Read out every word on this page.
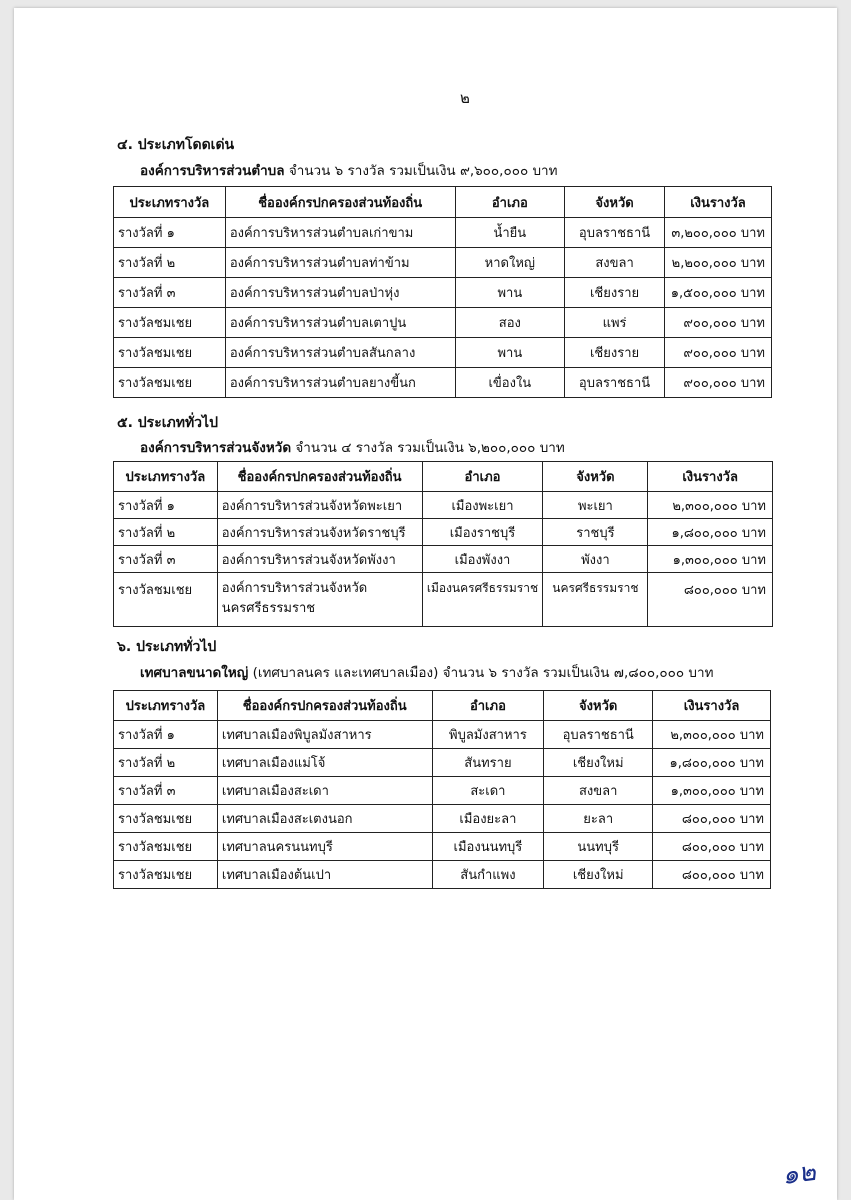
๒
๔. ประเภทโดดเด่น
องค์การบริหารส่วนตำบล จำนวน ๖ รางวัล รวมเป็นเงิน ๙,๖๐๐,๐๐๐ บาท
ประเภทรางวัล	ชื่อองค์กรปกครองส่วนท้องถิ่น	อำเภอ	จังหวัด	เงินรางวัล
รางวัลที่ ๑	องค์การบริหารส่วนตำบลเก่าขาม	น้ำยืน	อุบลราชธานี	๓,๒๐๐,๐๐๐ บาท
รางวัลที่ ๒	องค์การบริหารส่วนตำบลท่าข้าม	หาดใหญ่	สงขลา	๒,๒๐๐,๐๐๐ บาท
รางวัลที่ ๓	องค์การบริหารส่วนตำบลป่าหุ่ง	พาน	เชียงราย	๑,๕๐๐,๐๐๐ บาท
รางวัลชมเชย	องค์การบริหารส่วนตำบลเตาปูน	สอง	แพร่	๙๐๐,๐๐๐ บาท
รางวัลชมเชย	องค์การบริหารส่วนตำบลสันกลาง	พาน	เชียงราย	๙๐๐,๐๐๐ บาท
รางวัลชมเชย	องค์การบริหารส่วนตำบลยางขี้นก	เขื่องใน	อุบลราชธานี	๙๐๐,๐๐๐ บาท
๕. ประเภททั่วไป
องค์การบริหารส่วนจังหวัด จำนวน ๔ รางวัล รวมเป็นเงิน ๖,๒๐๐,๐๐๐ บาท
ประเภทรางวัล	ชื่อองค์กรปกครองส่วนท้องถิ่น	อำเภอ	จังหวัด	เงินรางวัล
รางวัลที่ ๑	องค์การบริหารส่วนจังหวัดพะเยา	เมืองพะเยา	พะเยา	๒,๓๐๐,๐๐๐ บาท
รางวัลที่ ๒	องค์การบริหารส่วนจังหวัดราชบุรี	เมืองราชบุรี	ราชบุรี	๑,๘๐๐,๐๐๐ บาท
รางวัลที่ ๓	องค์การบริหารส่วนจังหวัดพังงา	เมืองพังงา	พังงา	๑,๓๐๐,๐๐๐ บาท
รางวัลชมเชย	องค์การบริหารส่วนจังหวัด นครศรีธรรมราช	เมืองนครศรีธรรมราช	นครศรีธรรมราช	๘๐๐,๐๐๐ บาท
๖. ประเภททั่วไป
เทศบาลขนาดใหญ่ (เทศบาลนคร และเทศบาลเมือง) จำนวน ๖ รางวัล รวมเป็นเงิน ๗,๘๐๐,๐๐๐ บาท
ประเภทรางวัล	ชื่อองค์กรปกครองส่วนท้องถิ่น	อำเภอ	จังหวัด	เงินรางวัล
รางวัลที่ ๑	เทศบาลเมืองพิบูลมังสาหาร	พิบูลมังสาหาร	อุบลราชธานี	๒,๓๐๐,๐๐๐ บาท
รางวัลที่ ๒	เทศบาลเมืองแม่โจ้	สันทราย	เชียงใหม่	๑,๘๐๐,๐๐๐ บาท
รางวัลที่ ๓	เทศบาลเมืองสะเดา	สะเดา	สงขลา	๑,๓๐๐,๐๐๐ บาท
รางวัลชมเชย	เทศบาลเมืองสะเตงนอก	เมืองยะลา	ยะลา	๘๐๐,๐๐๐ บาท
รางวัลชมเชย	เทศบาลนครนนทบุรี	เมืองนนทบุรี	นนทบุรี	๘๐๐,๐๐๐ บาท
รางวัลชมเชย	เทศบาลเมืองต้นเปา	สันกำแพง	เชียงใหม่	๘๐๐,๐๐๐ บาท
๑๒
